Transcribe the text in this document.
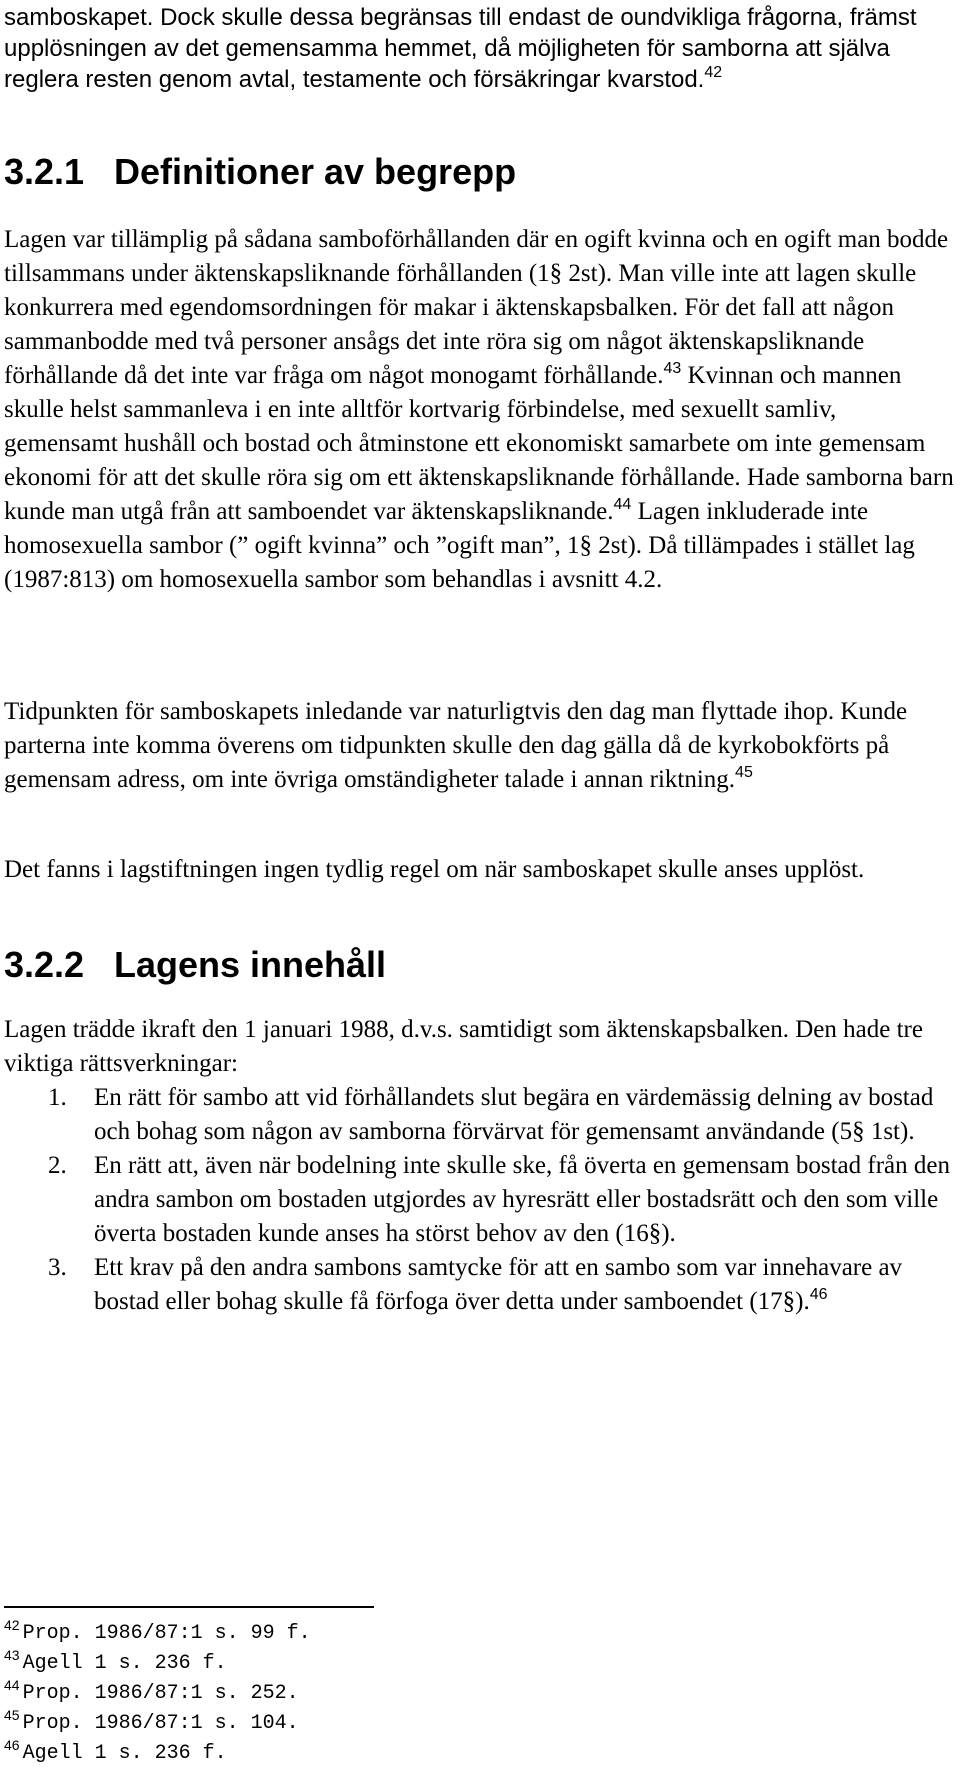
samboskapet. Dock skulle dessa begränsas till endast de oundvikliga frågorna, främst upplösningen av det gemensamma hemmet, då möjligheten för samborna att själva reglera resten genom avtal, testamente och försäkringar kvarstod.$^{42}$

3.2.1 Definitioner av begrepp

Lagen var tillämplig på sådana samboförhållanden där en ogift kvinna och en ogift man bodde tillsammans under äktenskapsliknande förhållanden (1§ 2st). Man ville inte att lagen skulle konkurrera med egendomsordningen för makar i äktenskapsbalken. För det fall att någon sammanbodde med två personer ansågs det inte röra sig om något äktenskapsliknande förhållande då det inte var fråga om något monogamt förhållande.$^{43}$ Kvinnan och mannen skulle helst sammanleva i en inte alltför kortvarig förbindelse, med sexuellt samliv, gemensamt hushåll och bostad och åtminstone ett ekonomiskt samarbete om inte gemensam ekonomi för att det skulle röra sig om ett äktenskapsliknande förhållande. Hade samborna barn kunde man utgå från att samboendet var äktenskapsliknande.$^{44}$ Lagen inkluderade inte homosexuella sambor (” ogift kvinna” och ”ogift man”, 1§ 2st). Då tillämpades i stället lag (1987:813) om homosexuella sambor som behandlas i avsnitt 4.2.

Tidpunkten för samboskapets inledande var naturligtvis den dag man flyttade ihop. Kunde parterna inte komma överens om tidpunkten skulle den dag gälla då de kyrkobokförts på gemensam adress, om inte övriga omständigheter talade i annan riktning.$^{45}$

Det fanns i lagstiftningen ingen tydlig regel om när samboskapet skulle anses upplöst.

3.2.2 Lagens innehåll

Lagen trädde ikraft den 1 januari 1988, d.v.s. samtidigt som äktenskapsbalken. Den hade tre viktiga rättsverkningar:

1. En rätt för sambo att vid förhållandets slut begära en värdemässig delning av bostad och bohag som någon av samborna förvärvat för gemensamt användande (5§ 1st).
2. En rätt att, även när bodelning inte skulle ske, få överta en gemensam bostad från den andra sambon om bostaden utgjordes av hyresrätt eller bostadsrätt och den som ville överta bostaden kunde anses ha störst behov av den (16§).
3. Ett krav på den andra sambons samtycke för att en sambo som var innehavare av bostad eller bohag skulle få förfoga över detta under samboendet (17§).$^{46}$
$^{42}$ Prop. 1986/87:1 s. 99 f.
$^{43}$ Agell 1 s. 236 f.
$^{44}$ Prop. 1986/87:1 s. 252.
$^{45}$ Prop. 1986/87:1 s. 104.
$^{46}$ Agell 1 s. 236 f.
